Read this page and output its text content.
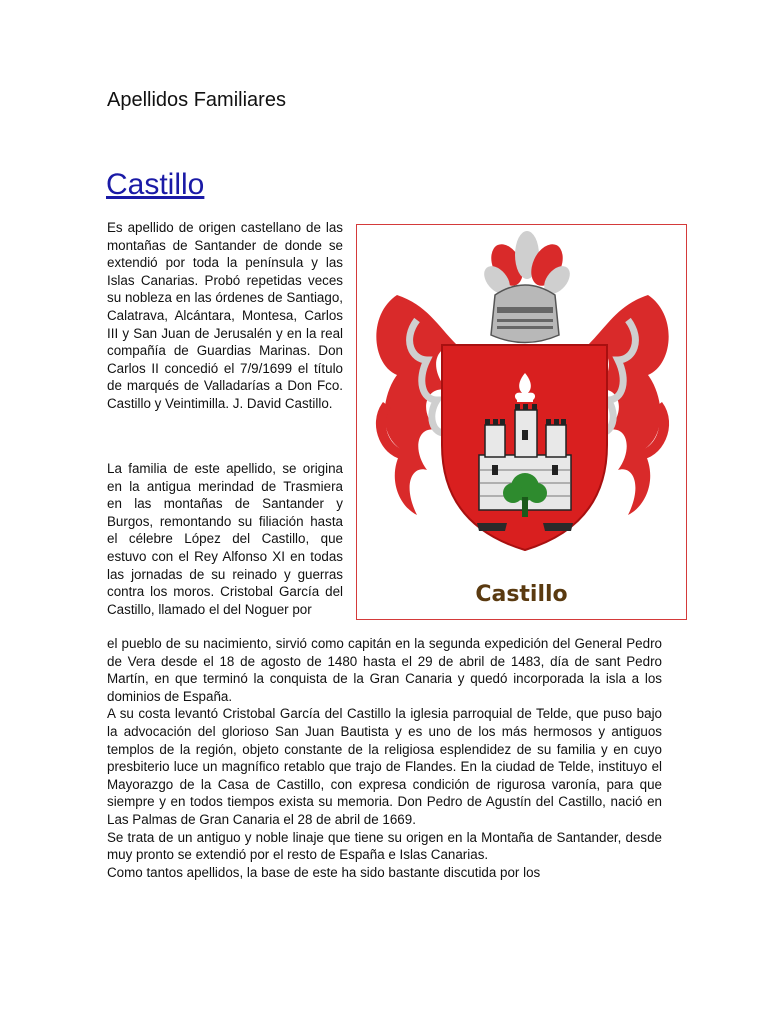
Apellidos Familiares
Castillo

Es apellido de origen castellano de las montañas de Santander de donde se extendió por toda la península y las Islas Canarias. Probó repetidas veces su nobleza en las órdenes de Santiago, Calatrava, Alcántara, Montesa, Carlos III y San Juan de Jerusalén y en la real compañía de Guardias Marinas. Don Carlos II concedió el 7/9/1699 el título de marqués de Valladarías a Don Fco. Castillo y Veintimilla. J. David Castillo.

La familia de este apellido, se origina en la antigua merindad de Trasmiera en las montañas de Santander y Burgos, remontando su filiación hasta el célebre López del Castillo, que estuvo con el Rey Alfonso XI en todas las jornadas de su reinado y guerras contra los moros. Cristobal García del Castillo, llamado el del Noguer por

el pueblo de su nacimiento, sirvió como capitán en la segunda expedición del General Pedro de Vera desde el 18 de agosto de 1480 hasta el 29 de abril de 1483, día de sant Pedro Martín, en que terminó la conquista de la Gran Canaria y quedó incorporada la isla a los dominios de España.

A su costa levantó Cristobal García del Castillo la iglesia parroquial de Telde, que puso bajo la advocación del glorioso San Juan Bautista y es uno de los más hermosos y antiguos templos de la región, objeto constante de la religiosa esplendidez de su familia y en cuyo presbiterio luce un magnífico retablo que trajo de Flandes. En la ciudad de Telde, instituyo el Mayorazgo de la Casa de Castillo, con expresa condición de rigurosa varonía, para que siempre y en todos tiempos exista su memoria. Don Pedro de Agustín del Castillo, nació en Las Palmas de Gran Canaria el 28 de abril de 1669.

Se trata de un antiguo y noble linaje que tiene su origen en la Montaña de Santander, desde muy pronto se extendió por el resto de España e Islas Canarias.

Como tantos apellidos, la base de este ha sido bastante discutida por los

Castillo
